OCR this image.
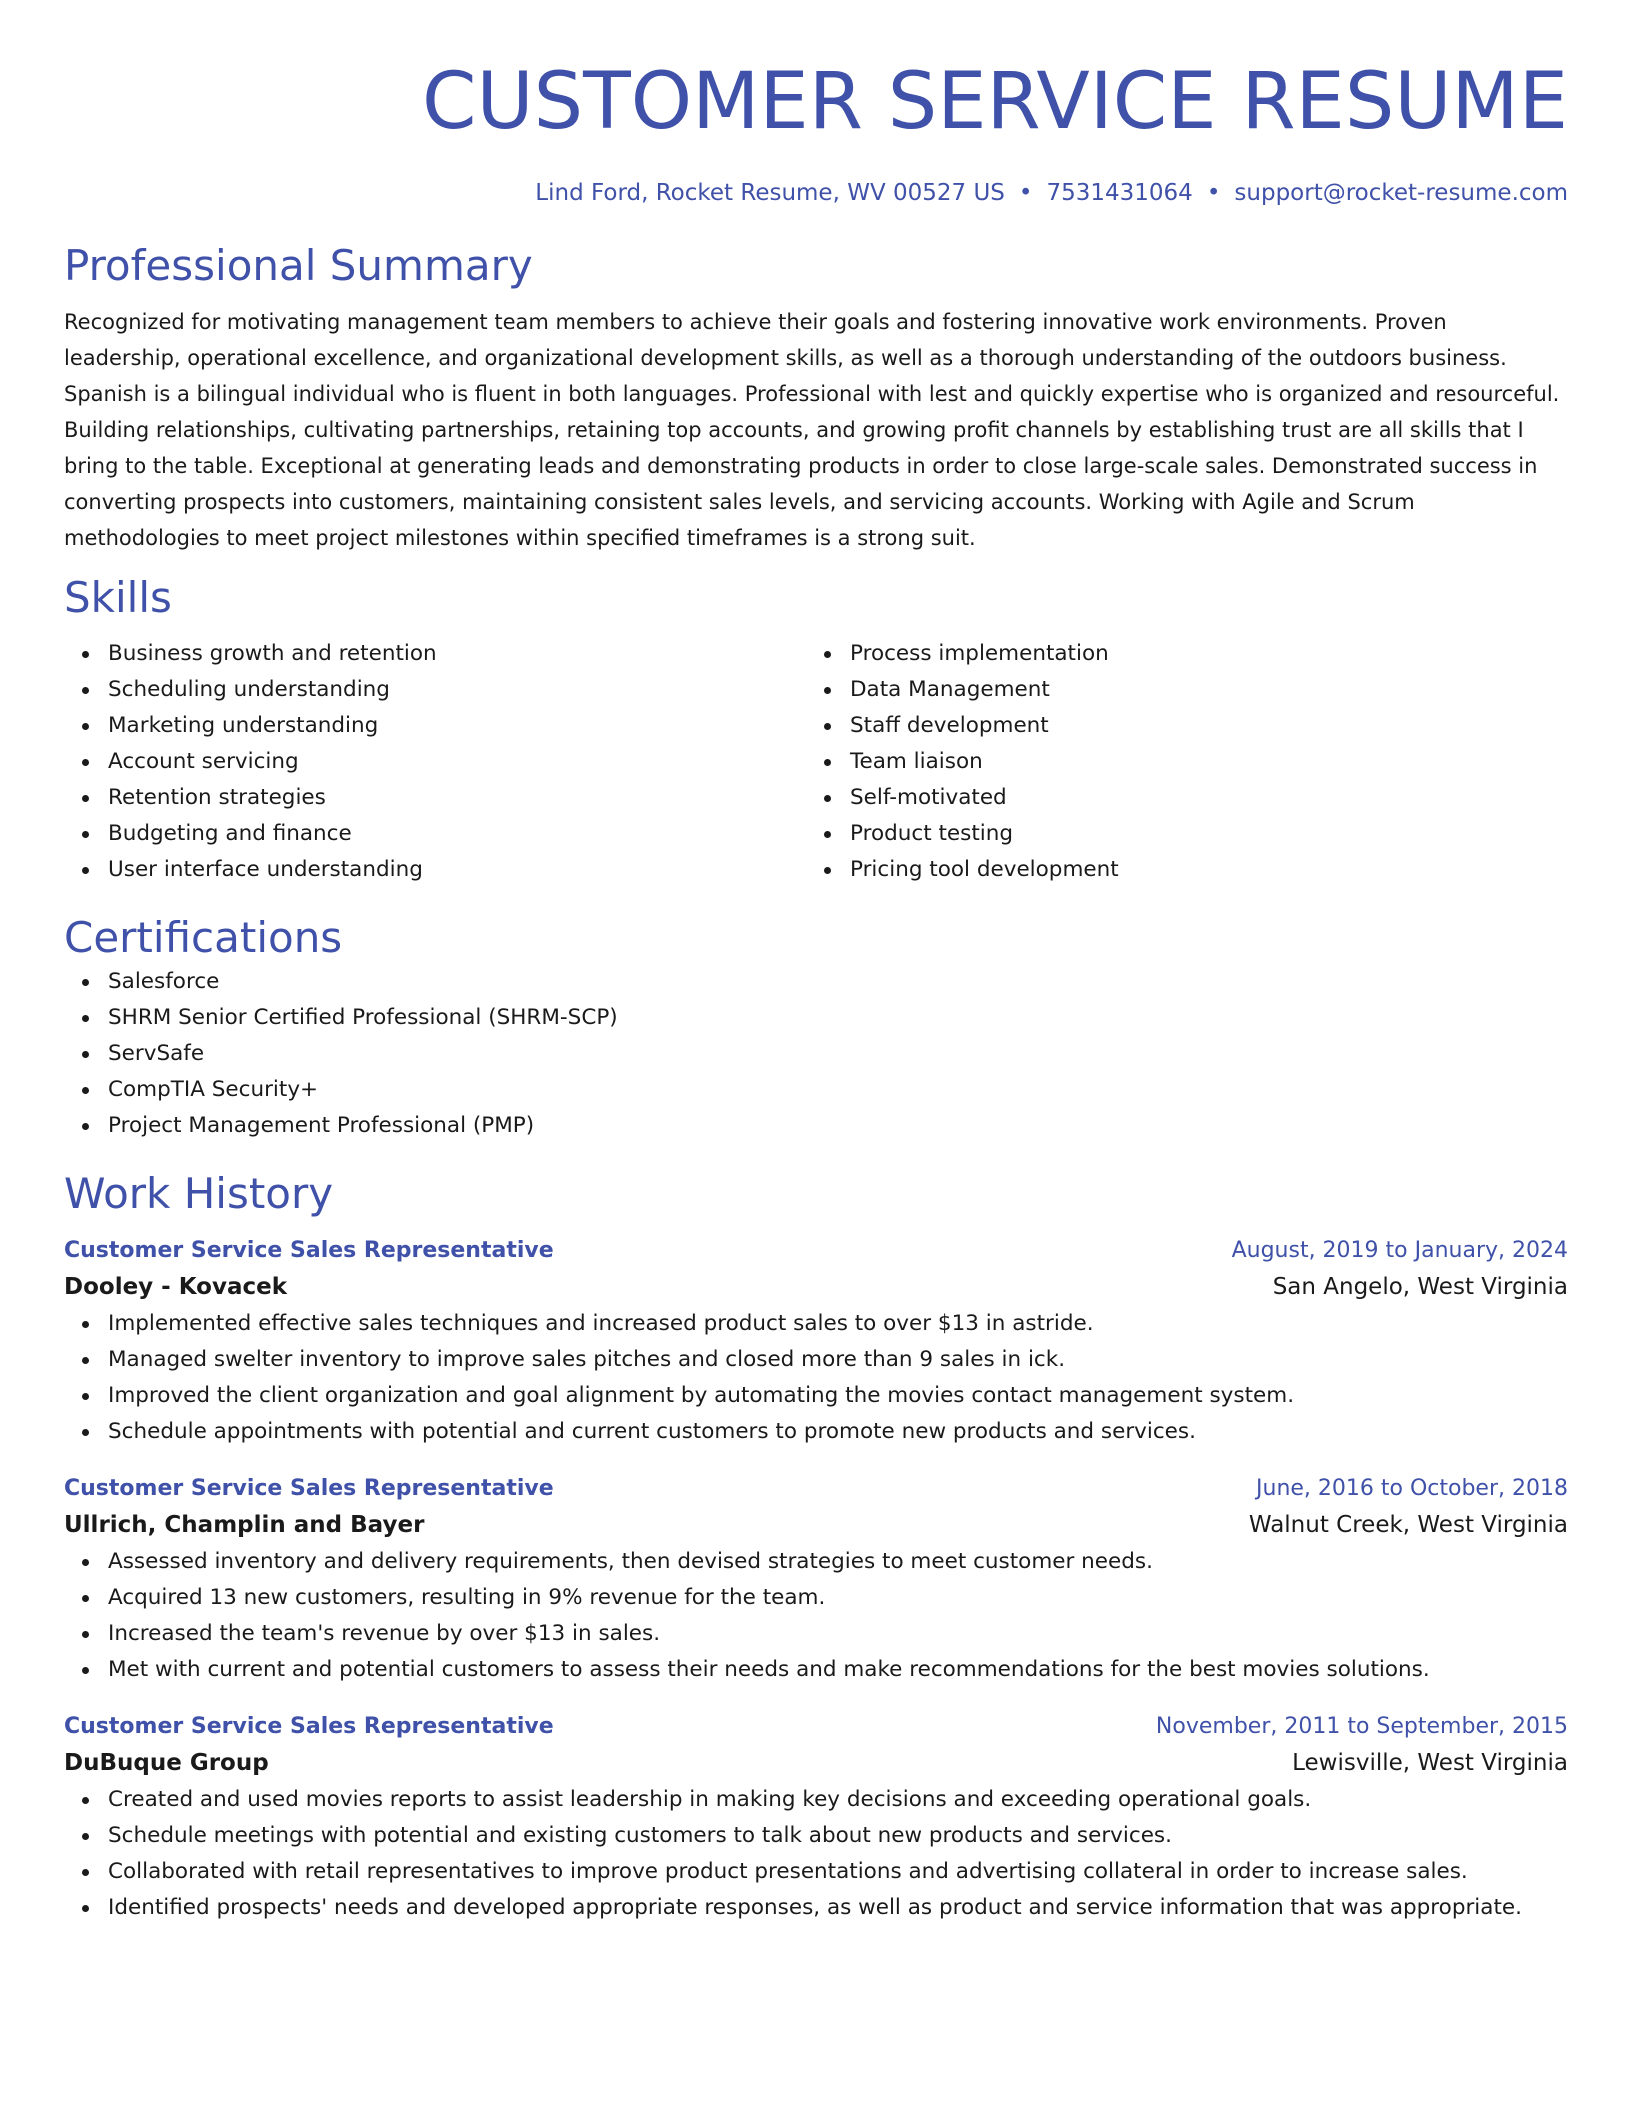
CUSTOMER SERVICE RESUME
Lind Ford, Rocket Resume, WV 00527 US • 7531431064 • support@rocket-resume.com
Professional Summary
Recognized for motivating management team members to achieve their goals and fostering innovative work environments. Proven leadership, operational excellence, and organizational development skills, as well as a thorough understanding of the outdoors business. Spanish is a bilingual individual who is fluent in both languages. Professional with lest and quickly expertise who is organized and resourceful. Building relationships, cultivating partnerships, retaining top accounts, and growing profit channels by establishing trust are all skills that I bring to the table. Exceptional at generating leads and demonstrating products in order to close large-scale sales. Demonstrated success in converting prospects into customers, maintaining consistent sales levels, and servicing accounts. Working with Agile and Scrum methodologies to meet project milestones within specified timeframes is a strong suit.
Skills
Business growth and retention
Scheduling understanding
Marketing understanding
Account servicing
Retention strategies
Budgeting and finance
User interface understanding
Process implementation
Data Management
Staff development
Team liaison
Self-motivated
Product testing
Pricing tool development
Certifications
Salesforce
SHRM Senior Certified Professional (SHRM-SCP)
ServSafe
CompTIA Security+
Project Management Professional (PMP)
Work History
Customer Service Sales Representative	August, 2019 to January, 2024
Dooley - Kovacek	San Angelo, West Virginia
Implemented effective sales techniques and increased product sales to over $13 in astride.
Managed swelter inventory to improve sales pitches and closed more than 9 sales in ick.
Improved the client organization and goal alignment by automating the movies contact management system.
Schedule appointments with potential and current customers to promote new products and services.
Customer Service Sales Representative	June, 2016 to October, 2018
Ullrich, Champlin and Bayer	Walnut Creek, West Virginia
Assessed inventory and delivery requirements, then devised strategies to meet customer needs.
Acquired 13 new customers, resulting in 9% revenue for the team.
Increased the team's revenue by over $13 in sales.
Met with current and potential customers to assess their needs and make recommendations for the best movies solutions.
Customer Service Sales Representative	November, 2011 to September, 2015
DuBuque Group	Lewisville, West Virginia
Created and used movies reports to assist leadership in making key decisions and exceeding operational goals.
Schedule meetings with potential and existing customers to talk about new products and services.
Collaborated with retail representatives to improve product presentations and advertising collateral in order to increase sales.
Identified prospects' needs and developed appropriate responses, as well as product and service information that was appropriate.
